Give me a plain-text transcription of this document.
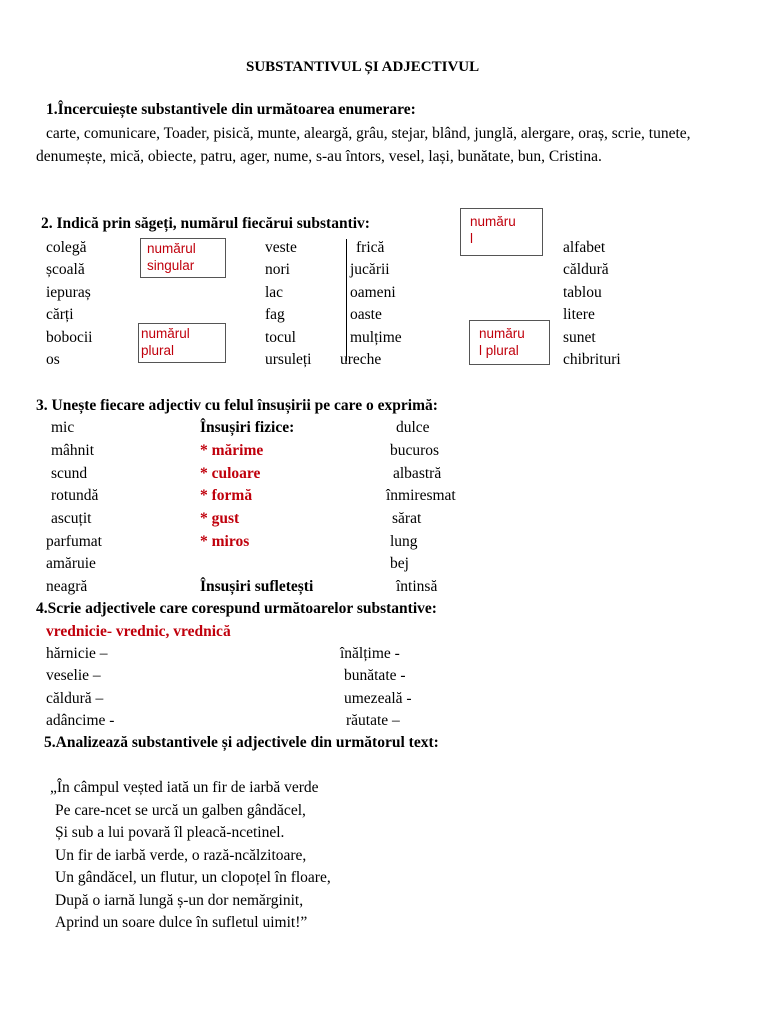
SUBSTANTIVUL ȘI ADJECTIVUL
1.Încercuiește substantivele din următoarea enumerare:
carte, comunicare, Toader, pisică, munte, aleargă, grâu, stejar, blând, junglă, alergare, oraș, scrie, tunete, denumește, mică, obiecte, patru, ager, nume, s-au întors, vesel, lași, bunătate, bun, Cristina.
2. Indică prin săgeți, numărul fiecărui substantiv:
colegă
școală
iepuraș
cărți
bobocii
os
veste
nori
lac
fag
tocul
ursuleți
frică
jucării
oameni
oaste
mulțime
ureche
alfabet
căldură
tablou
litere
sunet
chibrituri
numărul
singular
numărul
plural
număru
l
număru
l plural
3. Unește fiecare adjectiv cu felul însușirii pe care o exprimă:
mic
mâhnit
scund
rotundă
ascuțit
parfumat
amăruie
neagră
Însușiri fizice:
* mărime
* culoare
* formă
* gust
* miros
Însușiri sufletești
dulce
bucuros
albastră
înmiresmat
sărat
lung
bej
întinsă
4.Scrie adjectivele care corespund următoarelor substantive:
vrednicie- vrednic, vrednică
hărnicie –
veselie –
căldură –
adâncime -
înălțime -
bunătate -
umezeală -
răutate –
5.Analizează substantivele și adjectivele din următorul text:
„În câmpul veșted iată un fir de iarbă verde
Pe care-ncet se urcă un galben gândăcel,
Și sub a lui povară îl pleacă-ncetinel.
Un fir de iarbă verde, o rază-ncălzitoare,
Un gândăcel, un flutur, un clopoțel în floare,
După o iarnă lungă ș-un dor nemărginit,
Aprind un soare dulce în sufletul uimit!”
